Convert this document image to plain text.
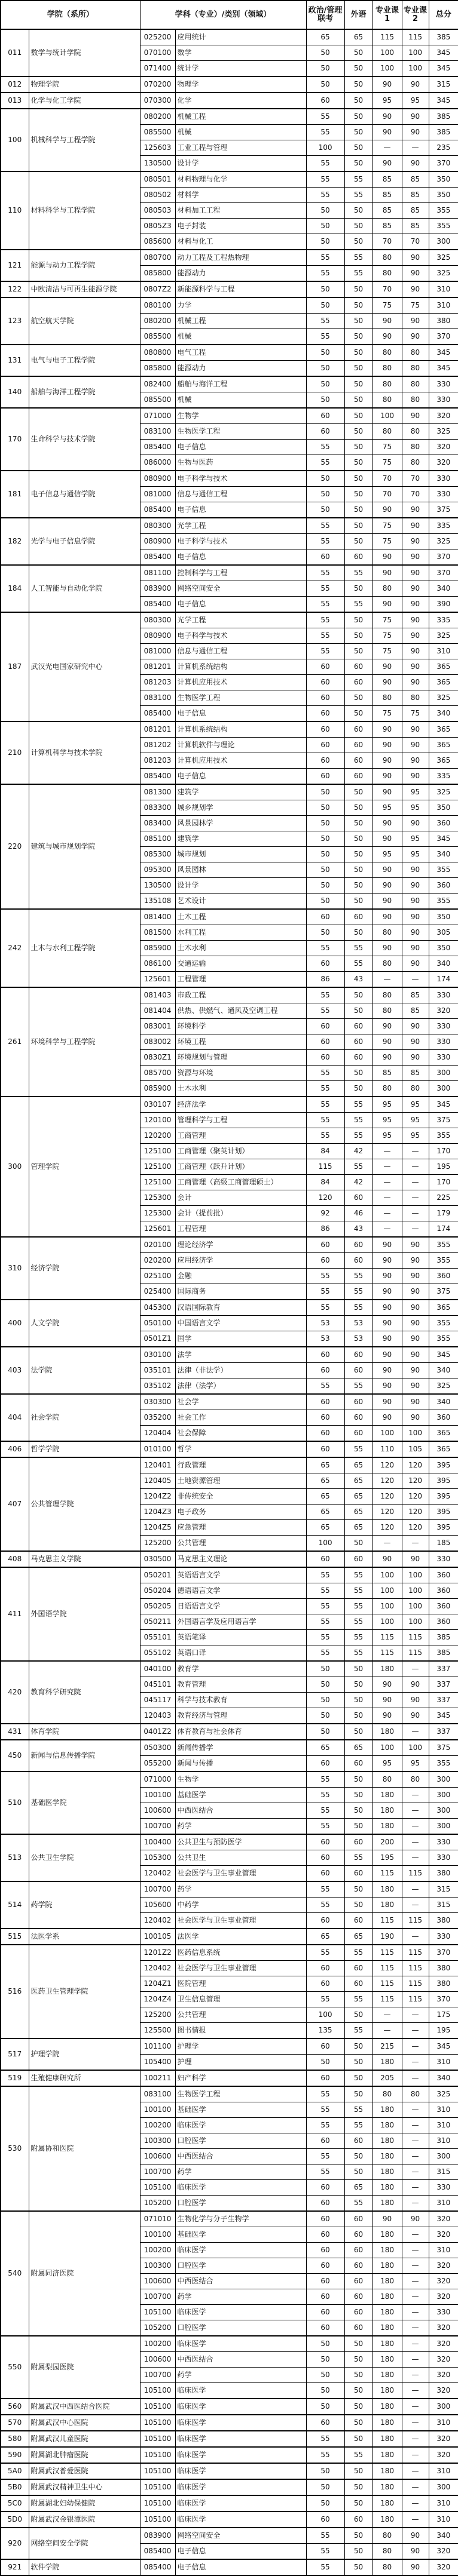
学院（系所）		学科（专业）/类别（领域）		政治/管理联考	外语	专业课1	专业课2	总分
011	数学与统计学院	025200	应用统计	65	65	115	115	385
		070100	数学	50	50	100	100	345
		071400	统计学	50	50	100	100	345
012	物理学院	070200	物理学	50	50	90	90	315
013	化学与化工学院	070300	化学	60	50	95	95	345
100	机械科学与工程学院	080200	机械工程	55	50	90	90	385
		085500	机械	55	50	90	90	385
		125603	工业工程与管理	100	50	—	—	235
		130500	设计学	55	50	90	90	370
110	材料科学与工程学院	080501	材料物理与化学	55	55	85	85	350
		080502	材料学	55	55	85	85	350
		080503	材料加工工程	50	50	85	85	355
		0805Z3	电子封装	50	50	85	85	355
		085600	材料与化工	50	50	70	70	300
121	能源与动力工程学院	080700	动力工程及工程热物理	55	55	80	90	325
		085800	能源动力	55	55	80	90	325
122	中欧清洁与可再生能源学院	0807Z2	新能源科学与工程	50	50	70	90	310
123	航空航天学院	080100	力学	50	50	75	75	310
		080200	机械工程	55	50	90	90	380
		085500	机械	55	50	90	90	370
131	电气与电子工程学院	080800	电气工程	50	50	80	80	345
		085800	能源动力	50	50	80	80	345
140	船舶与海洋工程学院	082400	船舶与海洋工程	50	50	80	80	330
		085500	机械	50	50	80	80	330
170	生命科学与技术学院	071000	生物学	60	50	100	90	320
		083100	生物医学工程	60	50	80	80	325
		085400	电子信息	55	50	75	80	320
		086000	生物与医药	55	50	75	80	320
181	电子信息与通信学院	080900	电子科学与技术	50	50	70	70	330
		081000	信息与通信工程	50	50	70	70	330
		085400	电子信息	50	50	90	90	375
182	光学与电子信息学院	080300	光学工程	55	50	75	90	335
		080900	电子科学与技术	55	50	75	90	325
		085400	电子信息	60	60	90	90	370
184	人工智能与自动化学院	081100	控制科学与工程	55	55	90	90	370
		083900	网络空间安全	55	50	80	90	340
		085400	电子信息	55	55	90	90	390
187	武汉光电国家研究中心	080300	光学工程	55	50	75	90	335
		080900	电子科学与技术	55	50	75	90	325
		081000	信息与通信工程	55	50	75	90	310
		081201	计算机系统结构	60	60	90	90	365
		081203	计算机应用技术	60	60	90	90	365
		083100	生物医学工程	60	50	80	80	325
		085400	电子信息	60	50	75	75	340
210	计算机科学与技术学院	081201	计算机系统结构	60	60	90	90	365
		081202	计算机软件与理论	60	60	90	90	365
		081203	计算机应用技术	60	60	90	90	365
		085400	电子信息	60	60	90	90	335
220	建筑与城市规划学院	081300	建筑学	50	50	90	95	325
		083300	城乡规划学	50	50	95	95	350
		083400	风景园林学	50	50	90	90	360
		085100	建筑学	50	50	90	95	345
		085300	城市规划	50	50	95	95	340
		095300	风景园林	50	50	90	90	355
		130500	设计学	50	50	90	90	360
		135108	艺术设计	50	50	90	90	355
242	土木与水利工程学院	081400	土木工程	60	60	90	90	350
		081500	水利工程	50	50	80	90	305
		085900	土木水利	55	55	90	90	350
		086100	交通运输	60	55	80	90	340
		125601	工程管理	86	43	—	—	174
261	环境科学与工程学院	081403	市政工程	55	50	80	85	330
		081404	供热、供燃气、通风及空调工程	55	50	80	85	320
		083001	环境科学	60	60	90	90	330
		083002	环境工程	60	60	90	90	330
		0830Z1	环境规划与管理	60	60	90	90	330
		085700	资源与环境	55	50	85	85	300
		085900	土木水利	55	50	80	80	300
300	管理学院	030107	经济法学	55	55	95	95	345
		120100	管理科学与工程	55	55	95	95	375
		120200	工商管理	55	55	95	95	355
		125100	工商管理（聚英计划）	84	42	—	—	170
		125100	工商管理（跃升计划）	115	55	—	—	195
		125100	工商管理（高级工商管理硕士）	84	42	—	—	170
		125300	会计	120	60	—	—	225
		125300	会计（提前批）	92	46	—	—	179
		125601	工程管理	86	43	—	—	174
310	经济学院	020100	理论经济学	60	60	90	90	355
		020200	应用经济学	60	60	90	90	355
		025100	金融	55	55	90	90	360
		025400	国际商务	55	55	90	90	375
400	人文学院	045300	汉语国际教育	55	55	90	90	365
		050100	中国语言文学	53	53	90	90	355
		0501Z1	国学	53	53	90	90	355
403	法学院	030100	法学	60	60	90	90	345
		035101	法律（非法学）	60	60	90	90	340
		035102	法律（法学）	55	55	90	90	325
404	社会学院	030300	社会学	60	60	90	90	340
		035200	社会工作	60	60	90	90	360
		120404	社会保障	60	60	100	100	365
406	哲学学院	010100	哲学	60	55	110	105	365
407	公共管理学院	120401	行政管理	65	65	120	120	395
		120405	土地资源管理	65	65	120	120	395
		1204Z2	非传统安全	65	65	120	120	395
		1204Z3	电子政务	65	65	120	120	395
		1204Z5	应急管理	65	65	120	120	395
		125200	公共管理	100	50	—	—	185
408	马克思主义学院	030500	马克思主义理论	60	60	90	90	330
411	外国语学院	050201	英语语言文学	55	55	100	100	360
		050204	德语语言文学	55	55	100	100	360
		050205	日语语言文学	55	55	100	100	360
		050211	外国语言学及应用语言学	55	55	100	100	360
		055101	英语笔译	55	55	115	115	385
		055102	英语口译	55	55	115	115	385
420	教育科学研究院	040100	教育学	50	50	180	—	337
		045101	教育管理	50	50	90	90	337
		045117	科学与技术教育	50	50	90	90	337
		120403	教育经济与管理	50	50	90	90	345
431	体育学院	0401Z2	体育教育与社会体育	50	50	180	—	337
450	新闻与信息传播学院	050300	新闻传播学	65	65	100	100	375
		055200	新闻与传播	60	60	95	95	355
510	基础医学院	071000	生物学	55	50	80	80	300
		100100	基础医学	55	50	180	—	300
		100600	中西医结合	55	50	180	—	300
		100700	药学	55	50	180	—	300
513	公共卫生学院	100400	公共卫生与预防医学	60	60	200	—	330
		105300	公共卫生	60	55	195	—	330
		120402	社会医学与卫生事业管理	60	60	115	115	380
514	药学院	100700	药学	55	50	180	—	315
		105600	中药学	55	50	180	—	315
		120402	社会医学与卫生事业管理	60	60	115	115	380
515	法医学系	100105	法医学	65	65	190	—	330
516	医药卫生管理学院	1201Z2	医药信息系统	55	55	115	115	370
		120402	社会医学与卫生事业管理	60	60	115	115	380
		1204Z1	医院管理	60	60	115	115	380
		1204Z4	卫生信息管理	55	55	115	115	370
		125200	公共管理	100	50	—	—	175
		125500	图书情报	135	55	—	—	195
517	护理学院	101100	护理学	60	50	215	—	345
		105400	护理	50	50	180	—	310
519	生殖健康研究所	100211	妇产科学	60	50	205	—	340
530	附属协和医院	083100	生物医学工程	55	50	80	80	325
		100100	基础医学	55	55	180	—	310
		100200	临床医学	55	55	180	—	310
		100300	口腔医学	60	60	180	—	310
		100600	中西医结合	55	50	180	—	300
		100700	药学	55	50	180	—	315
		105100	临床医学	60	65	180	—	330
		105200	口腔医学	60	55	180	—	310
540	附属同济医院	071010	生物化学与分子生物学	60	60	90	90	320
		100100	基础医学	60	60	180	—	320
		100200	临床医学	60	60	180	—	310
		100300	口腔医学	60	60	180	—	320
		100600	中西医结合	60	60	180	—	320
		100700	药学	60	60	180	—	320
		105100	临床医学	60	60	180	—	330
		105200	口腔医学	60	60	180	—	320
550	附属梨园医院	100200	临床医学	50	50	180	—	320
		100600	中西医结合	50	50	180	—	320
		100700	药学	50	50	180	—	320
		105100	临床医学	50	50	180	—	320
560	附属武汉中西医结合医院	105100	临床医学	50	50	180	—	300
570	附属武汉中心医院	105100	临床医学	60	50	180	—	310
580	附属武汉儿童医院	105100	临床医学	55	50	180	—	320
590	附属湖北肿瘤医院	105100	临床医学	55	55	180	—	320
5A0	附属武汉普爱医院	105100	临床医学	50	50	180	—	310
5B0	附属武汉精神卫生中心	105100	临床医学	50	50	180	—	300
5C0	附属湖北妇幼保健院	105100	临床医学	50	50	180	—	310
5D0	附属武汉金银潭医院	105100	临床医学	60	60	180	—	310
920	网络空间安全学院	083900	网络空间安全	55	50	80	90	340
		085400	电子信息	55	50	80	90	320
921	软件学院	085400	电子信息	55	50	80	90	320
